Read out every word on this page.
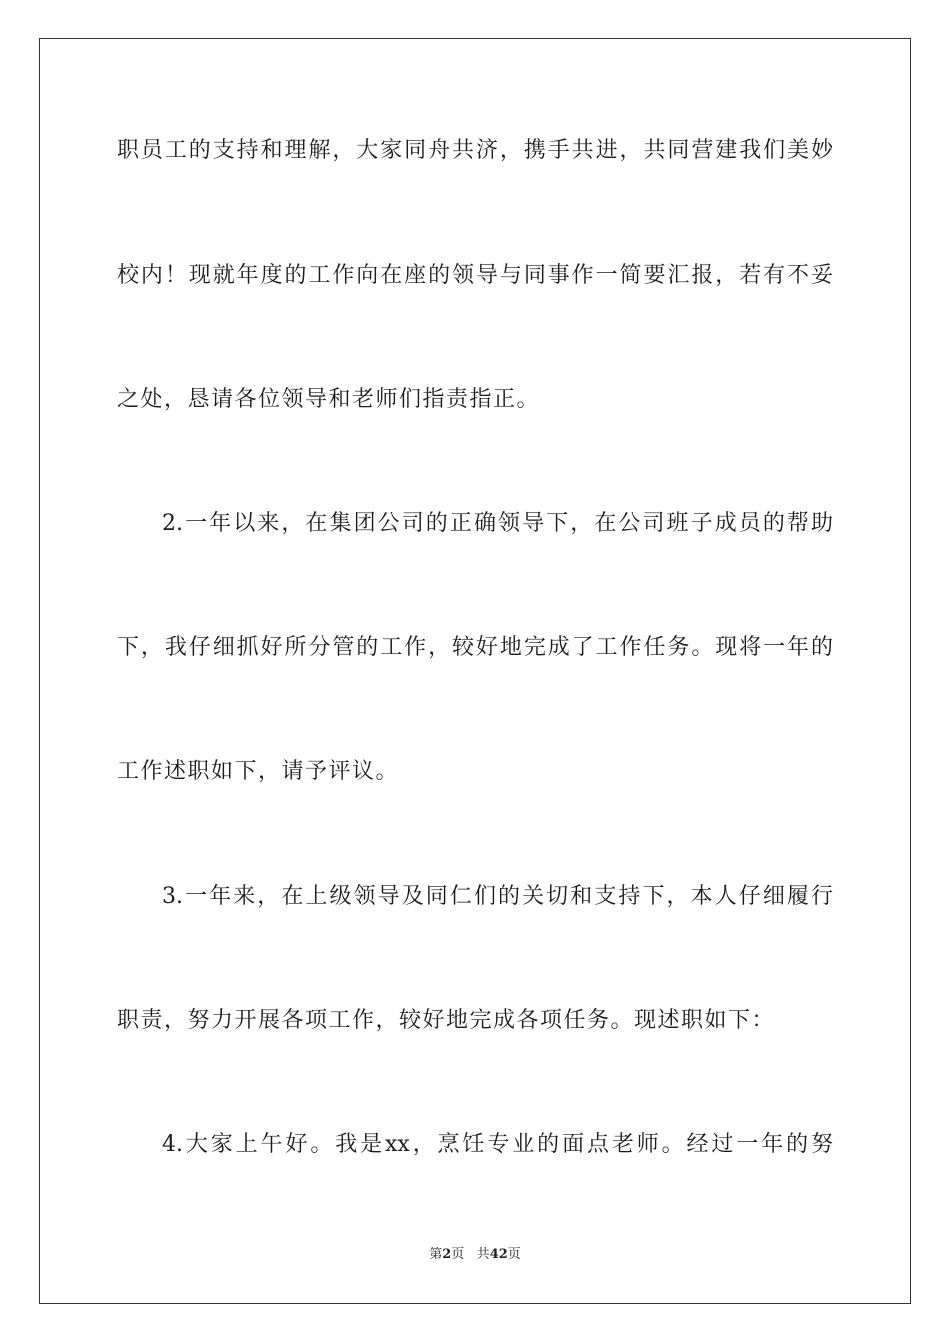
职员工的支持和理解，大家同舟共济，携手共进，共同营建我们美妙
校内！现就年度的工作向在座的领导与同事作一简要汇报，若有不妥
之处，恳请各位领导和老师们指责指正。
2.一年以来，在集团公司的正确领导下，在公司班子成员的帮助
下，我仔细抓好所分管的工作，较好地完成了工作任务。现将一年的
工作述职如下，请予评议。
3.一年来，在上级领导及同仁们的关切和支持下，本人仔细履行
职责，努力开展各项工作，较好地完成各项任务。现述职如下：
4.大家上午好。我是xx，烹饪专业的面点老师。经过一年的努
第2页 共42页
